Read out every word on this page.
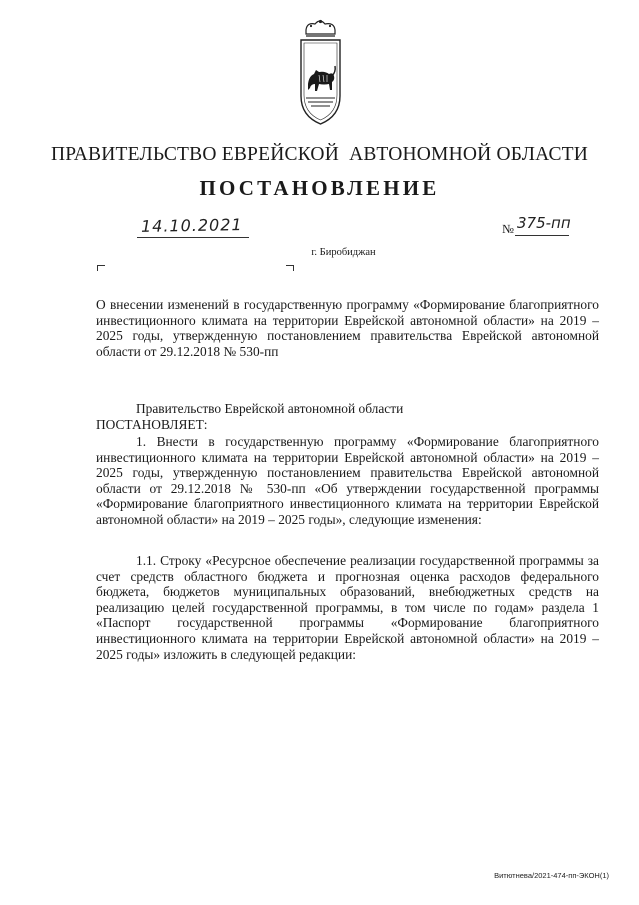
ПРАВИТЕЛЬСТВО ЕВРЕЙСКОЙ  АВТОНОМНОЙ ОБЛАСТИ
ПОСТАНОВЛЕНИЕ
14.10.2021	№ 375-пп
г. Биробиджан

О внесении изменений в государственную программу «Формирование благоприятного инвестиционного климата на территории Еврейской автономной области» на 2019 – 2025 годы, утвержденную постановлением правительства Еврейской автономной области от 29.12.2018 № 530-пп

Правительство Еврейской автономной области
ПОСТАНОВЛЯЕТ:

1. Внести в государственную программу «Формирование благоприятного инвестиционного климата на территории Еврейской автономной области» на 2019 – 2025 годы, утвержденную постановлением правительства Еврейской автономной области от 29.12.2018 № 530-пп «Об утверждении государственной программы «Формирование благоприятного инвестиционного климата на территории Еврейской автономной области» на 2019 – 2025 годы», следующие изменения:

1.1. Строку «Ресурсное обеспечение реализации государственной программы за счет средств областного бюджета и прогнозная оценка расходов федерального бюджета, бюджетов муниципальных образований, внебюджетных средств на реализацию целей государственной программы, в том числе по годам» раздела 1 «Паспорт государственной программы «Формирование благоприятного инвестиционного климата на территории Еврейской автономной области» на 2019 – 2025 годы» изложить в следующей редакции:

Витютнева/2021-474-пп-ЭКОН(1)
